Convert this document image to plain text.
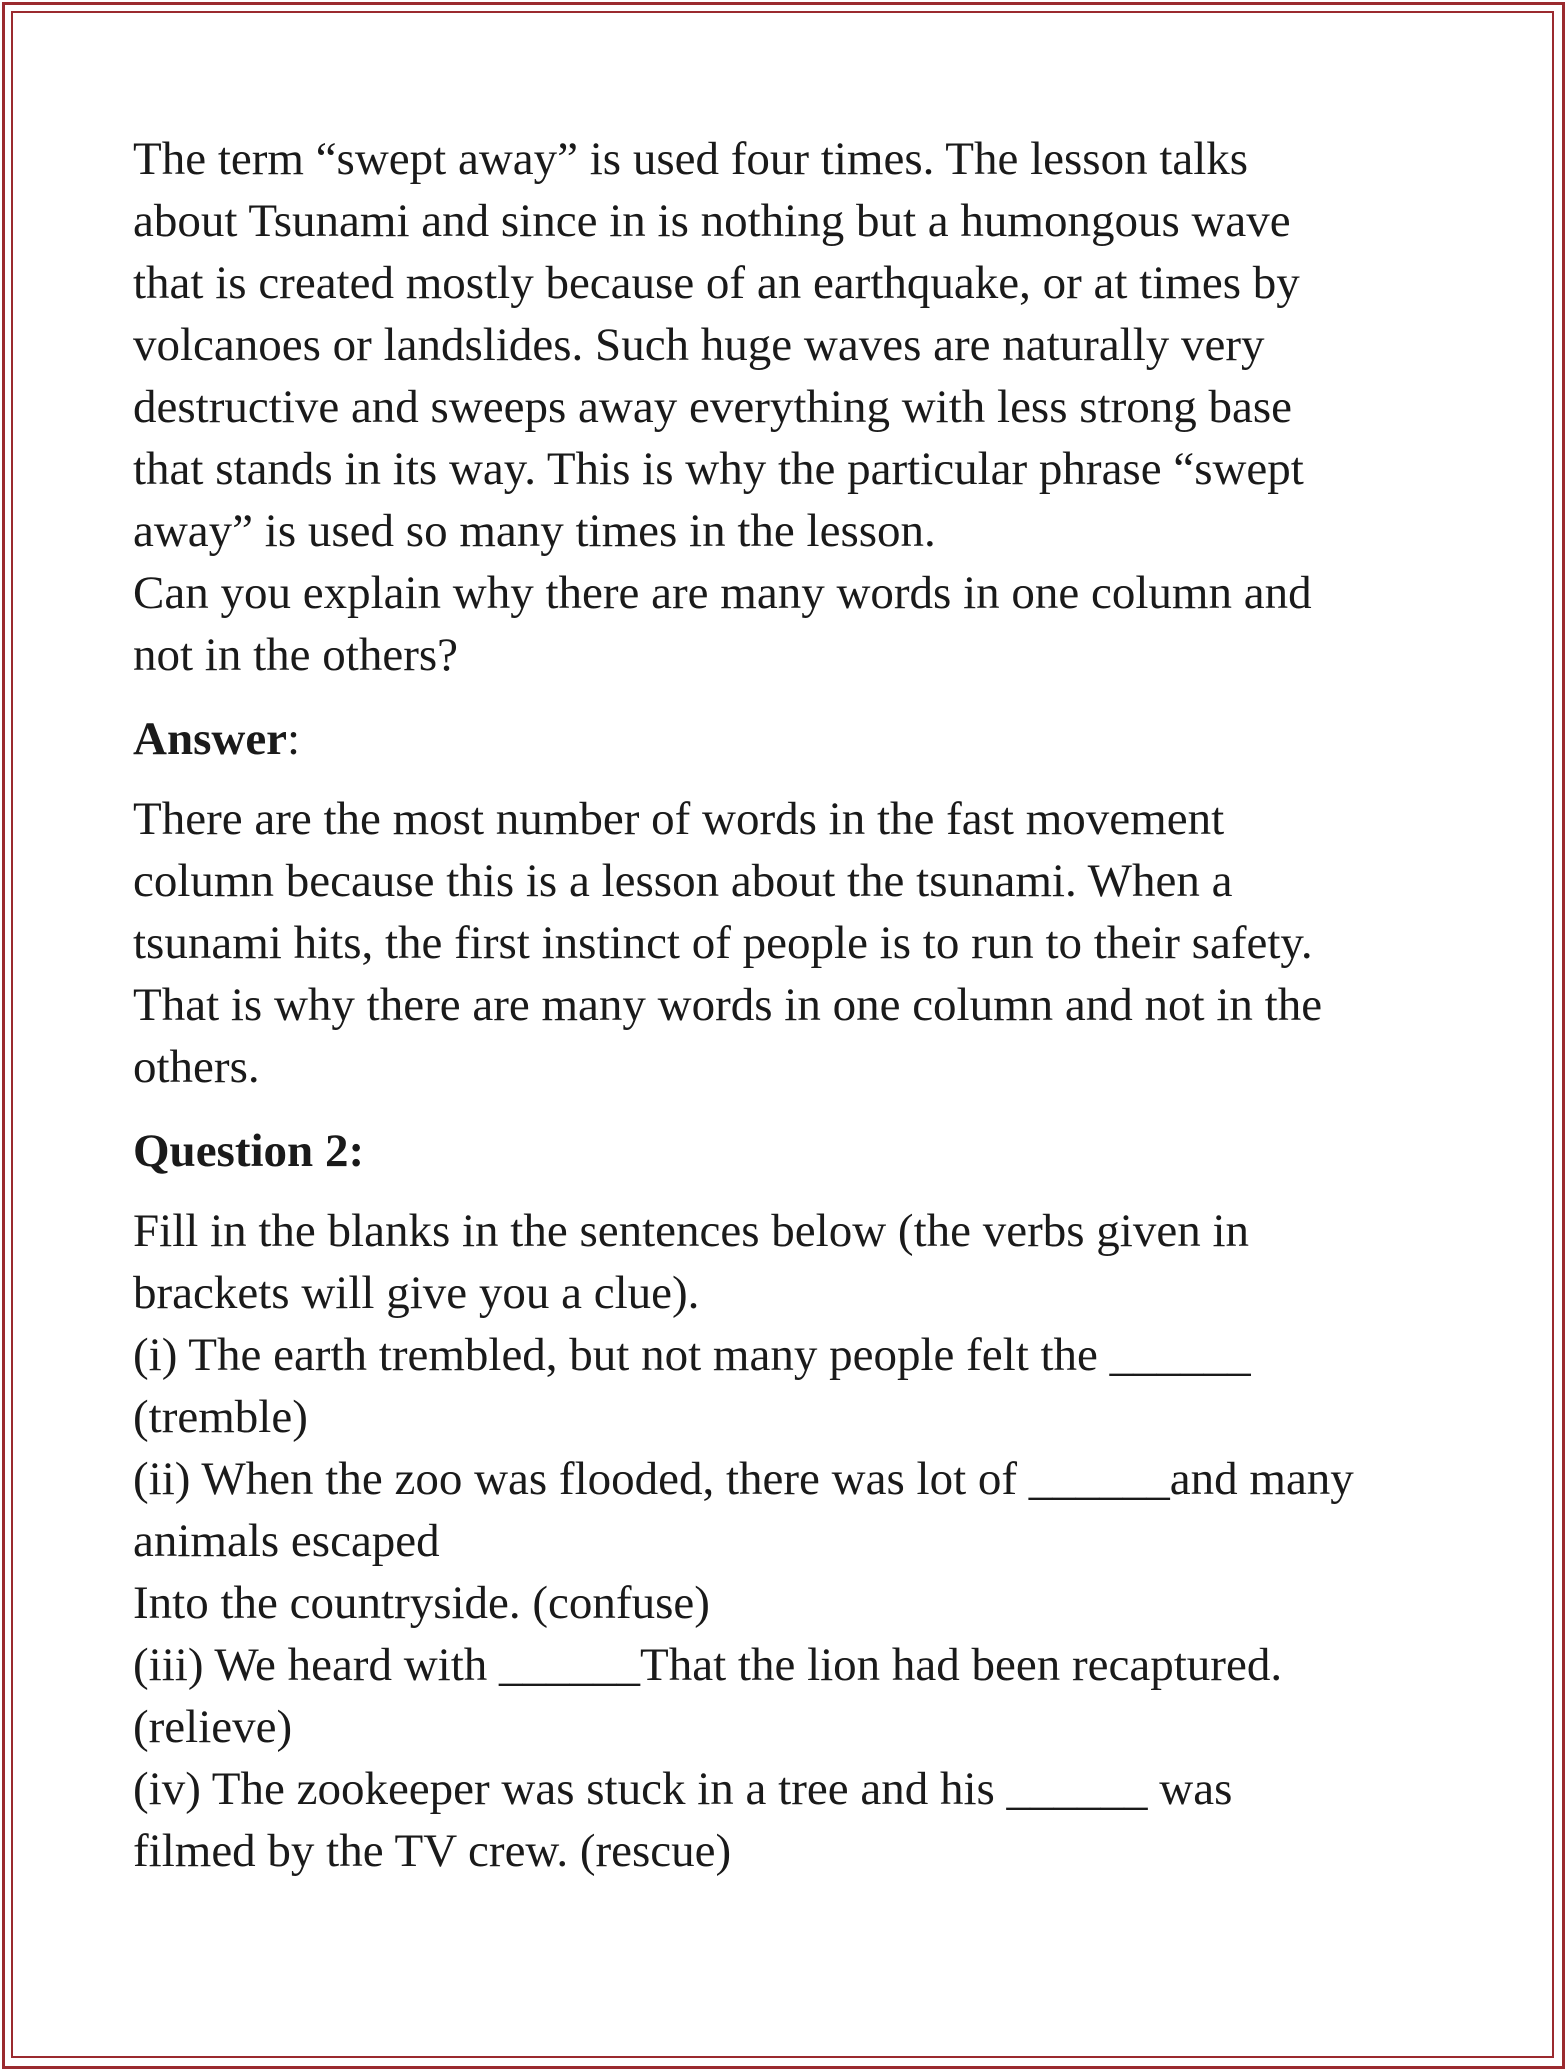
The term “swept away” is used four times. The lesson talks
about Tsunami and since in is nothing but a humongous wave
that is created mostly because of an earthquake, or at times by
volcanoes or landslides. Such huge waves are naturally very
destructive and sweeps away everything with less strong base
that stands in its way. This is why the particular phrase “swept
away” is used so many times in the lesson.
Can you explain why there are many words in one column and
not in the others?

Answer:

There are the most number of words in the fast movement
column because this is a lesson about the tsunami. When a
tsunami hits, the first instinct of people is to run to their safety.
That is why there are many words in one column and not in the
others.

Question 2:

Fill in the blanks in the sentences below (the verbs given in
brackets will give you a clue).
(i) The earth trembled, but not many people felt the ______
(tremble)
(ii) When the zoo was flooded, there was lot of ______and many
animals escaped
Into the countryside. (confuse)
(iii) We heard with ______That the lion had been recaptured.
(relieve)
(iv) The zookeeper was stuck in a tree and his ______ was
filmed by the TV crew. (rescue)
